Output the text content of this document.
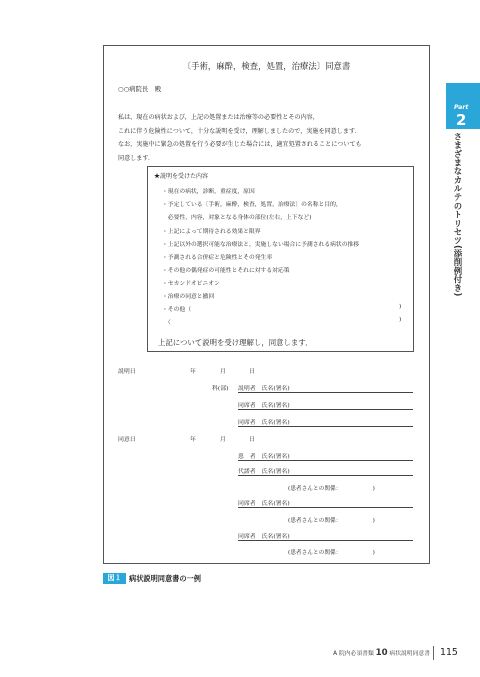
〔手術，麻酔，検査，処置，治療法〕同意書
○○病院長　殿
私は，現在の病状および，上記の処置または治療等の必要性とその内容，
これに伴う危険性について，十分な説明を受け，理解しましたので，実施を同意します．
なお，実施中に緊急の処置を行う必要が生じた場合には，適宜処置されることについても
同意します．
★説明を受けた内容
・現在の病状，診断，重症度，原因
・予定している〔手術，麻酔，検査，処置，治療法〕の名称と目的，
　必要性，内容，対象となる身体の部位(左右，上下など)
・上記によって期待される効果と限界
・上記以外の選択可能な治療法と，実施しない場合に予測される病状の推移
・予測される合併症と危険性とその発生率
・その他の偶発症の可能性とそれに対する対応策
・セカンドオピニオン
・治療の同意と撤回
・その他（
　（
)
)
上記について説明を受け理解し，同意します．
説明日	年	月	日
科(部) 説明者　氏名(署名)
同席者　氏名(署名)
同席者　氏名(署名)
同意日	年	月	日
患　者　氏名(署名)
代諾者　氏名(署名)
(患者さんとの関係：　　　　　　)
同席者　氏名(署名)
(患者さんとの関係：　　　　　　)
同席者　氏名(署名)
(患者さんとの関係：　　　　　　)
Part
2
さまざまなカルテのトリセツ(添削例付き)
図１	病状説明同意書の一例
A 院内必須書類 10 病状説明同意書 115
